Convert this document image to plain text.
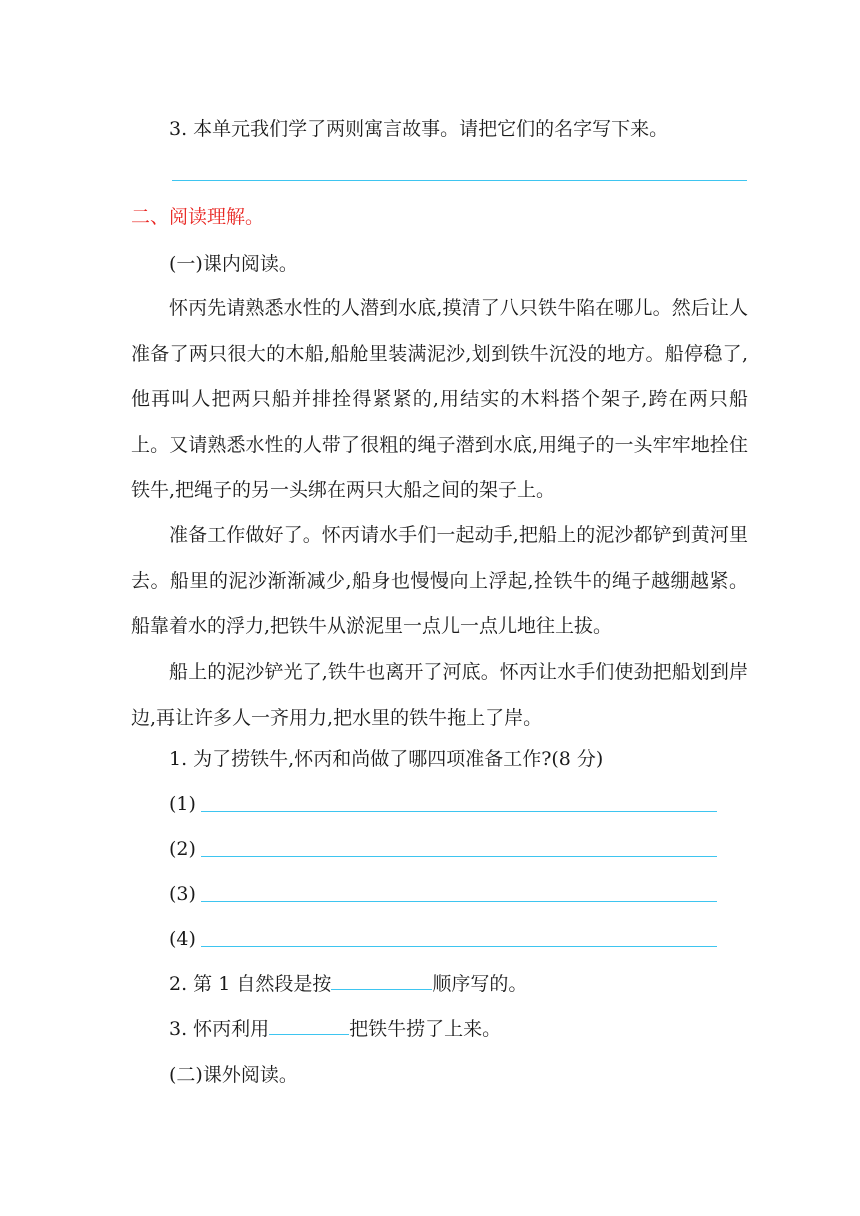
3. 本单元我们学了两则寓言故事。请把它们的名字写下来。
二、阅读理解。
(一)课内阅读。
怀丙先请熟悉水性的人潜到水底,摸清了八只铁牛陷在哪儿。然后让人准备了两只很大的木船,船舱里装满泥沙,划到铁牛沉没的地方。船停稳了,他再叫人把两只船并排拴得紧紧的,用结实的木料搭个架子,跨在两只船上。又请熟悉水性的人带了很粗的绳子潜到水底,用绳子的一头牢牢地拴住铁牛,把绳子的另一头绑在两只大船之间的架子上。
准备工作做好了。怀丙请水手们一起动手,把船上的泥沙都铲到黄河里去。船里的泥沙渐渐减少,船身也慢慢向上浮起,拴铁牛的绳子越绷越紧。船靠着水的浮力,把铁牛从淤泥里一点儿一点儿地往上拔。
船上的泥沙铲光了,铁牛也离开了河底。怀丙让水手们使劲把船划到岸边,再让许多人一齐用力,把水里的铁牛拖上了岸。
1. 为了捞铁牛,怀丙和尚做了哪四项准备工作?(8 分)
(1)
(2)
(3)
(4)
2. 第 1 自然段是按	顺序写的。
3. 怀丙利用	把铁牛捞了上来。
(二)课外阅读。
